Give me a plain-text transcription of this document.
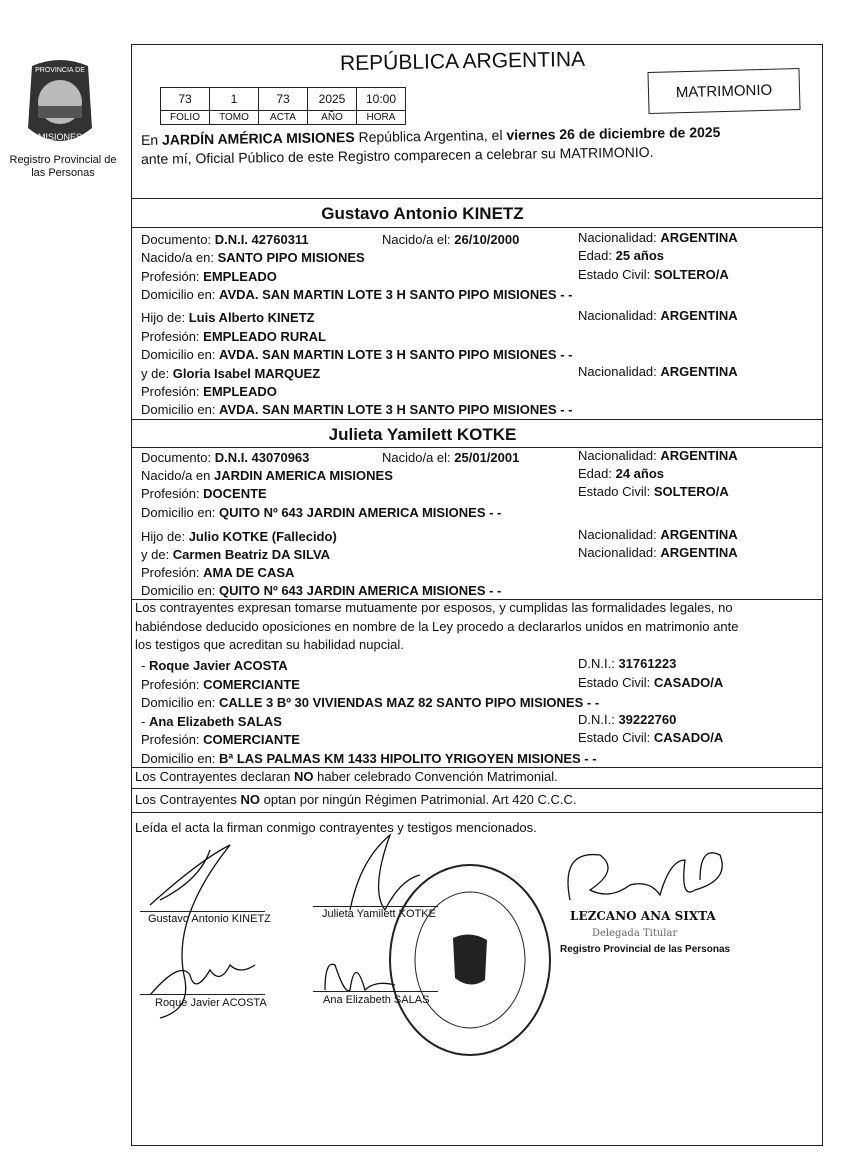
PROVINCIA DE
MISIONES
Registro Provincial de las Personas
REPÚBLICA ARGENTINA
MATRIMONIO
73	1	73	2025	10:00
FOLIO	TOMO	ACTA	AÑO	HORA
En JARDÍN AMÉRICA MISIONES República Argentina, el viernes 26 de diciembre de 2025
ante mí, Oficial Público de este Registro comparecen a celebrar su MATRIMONIO.
Gustavo Antonio KINETZ
Documento: D.N.I. 42760311	Nacido/a el: 26/10/2000	Nacionalidad: ARGENTINA
Nacido/a en: SANTO PIPO MISIONES	Edad: 25 años
Profesión: EMPLEADO	Estado Civil: SOLTERO/A
Domicilio en: AVDA. SAN MARTIN LOTE 3 H SANTO PIPO MISIONES - -
Hijo de: Luis Alberto KINETZ	Nacionalidad: ARGENTINA
Profesión: EMPLEADO RURAL
Domicilio en: AVDA. SAN MARTIN LOTE 3 H SANTO PIPO MISIONES - -
y de: Gloria Isabel MARQUEZ	Nacionalidad: ARGENTINA
Profesión: EMPLEADO
Domicilio en: AVDA. SAN MARTIN LOTE 3 H SANTO PIPO MISIONES - -
Julieta Yamilett KOTKE
Documento: D.N.I. 43070963	Nacido/a el: 25/01/2001	Nacionalidad: ARGENTINA
Nacido/a en JARDIN AMERICA MISIONES	Edad: 24 años
Profesión: DOCENTE	Estado Civil: SOLTERO/A
Domicilio en: QUITO Nº 643 JARDIN AMERICA MISIONES - -
Hijo de: Julio KOTKE (Fallecido)	Nacionalidad: ARGENTINA
y de: Carmen Beatriz DA SILVA	Nacionalidad: ARGENTINA
Profesión: AMA DE CASA
Domicilio en: QUITO Nº 643 JARDIN AMERICA MISIONES - -
Los contrayentes expresan tomarse mutuamente por esposos, y cumplidas las formalidades legales, no
habiéndose deducido oposiciones en nombre de la Ley procedo a declararlos unidos en matrimonio ante
los testigos que acreditan su habilidad nupcial.
- Roque Javier ACOSTA	D.N.I.: 31761223
Profesión: COMERCIANTE	Estado Civil: CASADO/A
Domicilio en: CALLE 3 Bº 30 VIVIENDAS MAZ 82 SANTO PIPO MISIONES - -
- Ana Elizabeth SALAS	D.N.I.: 39222760
Profesión: COMERCIANTE	Estado Civil: CASADO/A
Domicilio en: Bª LAS PALMAS KM 1433 HIPOLITO YRIGOYEN MISIONES - -
Los Contrayentes declaran NO haber celebrado Convención Matrimonial.
Los Contrayentes NO optan por ningún Régimen Patrimonial. Art 420 C.C.C.
Leída el acta la firman conmigo contrayentes y testigos mencionados.
Gustavo Antonio KINETZ	Julieta Yamilett KOTKE
Roque Javier ACOSTA	Ana Elizabeth SALAS
LEZCANO ANA SIXTA
Delegada Titular
Registro Provincial de las Personas
